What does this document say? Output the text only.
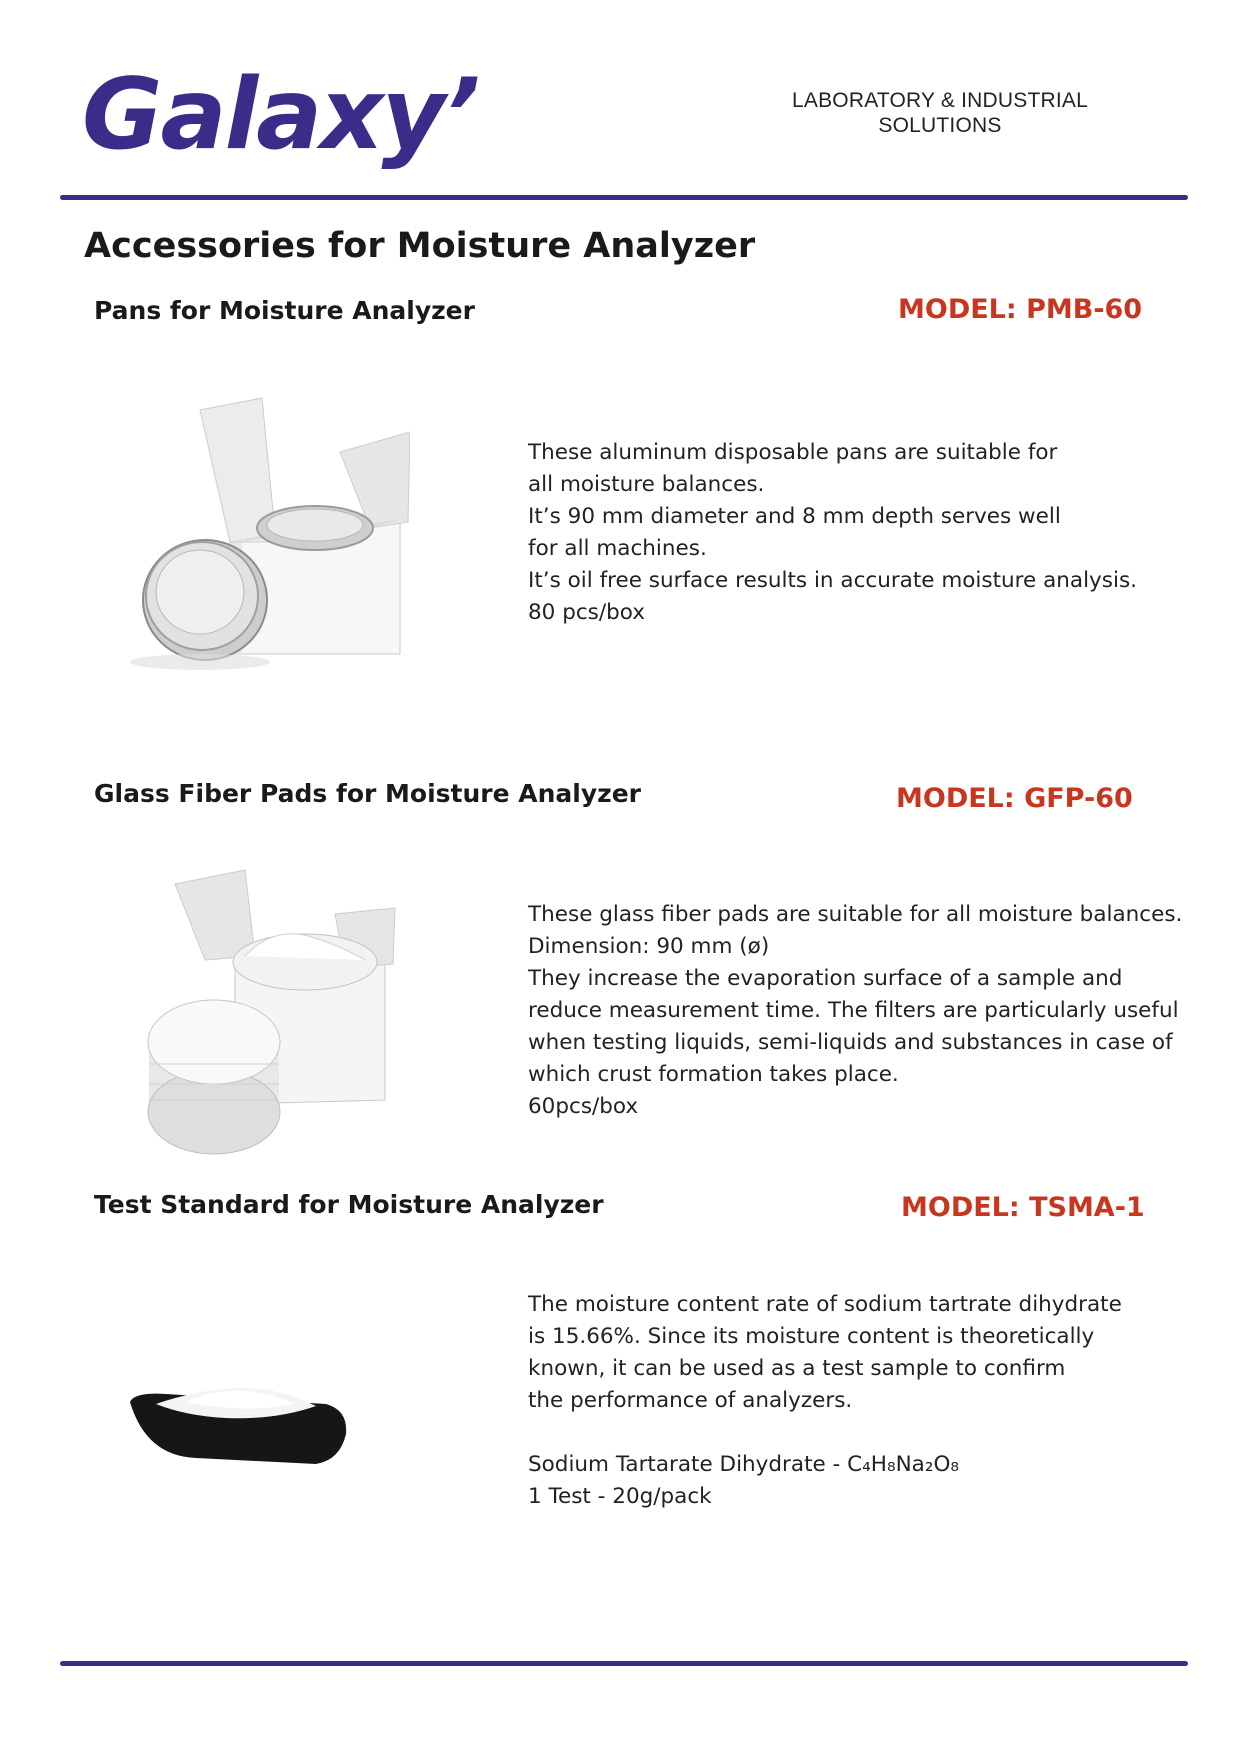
Galaxy’	LABORATORY & INDUSTRIAL
SOLUTIONS
Accessories for Moisture Analyzer
Pans for Moisture Analyzer	MODEL: PMB-60

These aluminum disposable pans are suitable for

all moisture balances.

It’s 90 mm diameter and 8 mm depth serves well

for all machines.

It’s oil free surface results in accurate moisture analysis.

80 pcs/box

Glass Fiber Pads for Moisture Analyzer	MODEL: GFP-60

These glass fiber pads are suitable for all moisture balances.

Dimension: 90 mm (ø)

They increase the evaporation surface of a sample and

reduce measurement time. The filters are particularly useful

when testing liquids, semi-liquids and substances in case of

which crust formation takes place.

60pcs/box

Test Standard for Moisture Analyzer	MODEL: TSMA-1

The moisture content rate of sodium tartrate dihydrate

is 15.66%. Since its moisture content is theoretically

known, it can be used as a test sample to confirm

the performance of analyzers.

Sodium Tartarate Dihydrate - C₄H₈Na₂O₈

1 Test - 20g/pack
